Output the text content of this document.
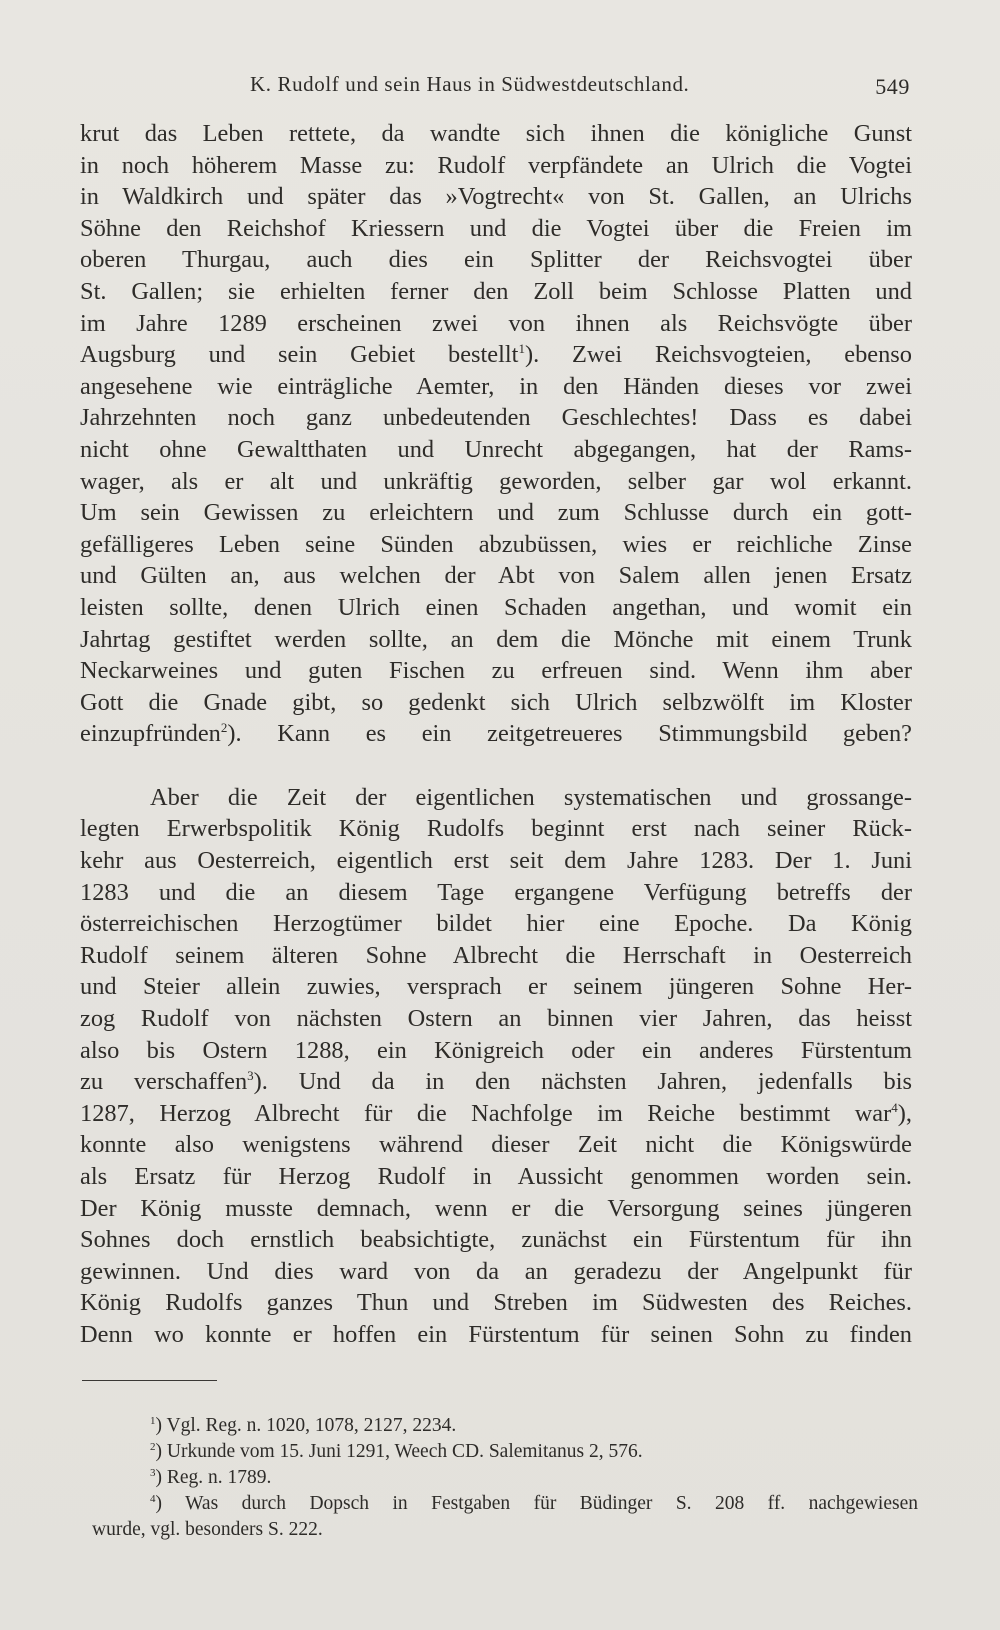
K. Rudolf und sein Haus in Südwestdeutschland.	549
krut das Leben rettete, da wandte sich ihnen die königliche Gunst
in noch höherem Masse zu: Rudolf verpfändete an Ulrich die Vogtei
in Waldkirch und später das »Vogtrecht« von St. Gallen, an Ulrichs
Söhne den Reichshof Kriessern und die Vogtei über die Freien im
oberen Thurgau, auch dies ein Splitter der Reichsvogtei über
St. Gallen; sie erhielten ferner den Zoll beim Schlosse Platten und
im Jahre 1289 erscheinen zwei von ihnen als Reichsvögte über
Augsburg und sein Gebiet bestellt$^1$). Zwei Reichsvogteien, ebenso
angesehene wie einträgliche Aemter, in den Händen dieses vor zwei
Jahrzehnten noch ganz unbedeutenden Geschlechtes! Dass es dabei
nicht ohne Gewaltthaten und Unrecht abgegangen, hat der Rams-
wager, als er alt und unkräftig geworden, selber gar wol erkannt.
Um sein Gewissen zu erleichtern und zum Schlusse durch ein gott-
gefälligeres Leben seine Sünden abzubüssen, wies er reichliche Zinse
und Gülten an, aus welchen der Abt von Salem allen jenen Ersatz
leisten sollte, denen Ulrich einen Schaden angethan, und womit ein
Jahrtag gestiftet werden sollte, an dem die Mönche mit einem Trunk
Neckarweines und guten Fischen zu erfreuen sind. Wenn ihm aber
Gott die Gnade gibt, so gedenkt sich Ulrich selbzwölft im Kloster
einzupfründen$^2$). Kann es ein zeitgetreueres Stimmungsbild geben?
Aber die Zeit der eigentlichen systematischen und grossange-
legten Erwerbspolitik König Rudolfs beginnt erst nach seiner Rück-
kehr aus Oesterreich, eigentlich erst seit dem Jahre 1283. Der 1. Juni
1283 und die an diesem Tage ergangene Verfügung betreffs der
österreichischen Herzogtümer bildet hier eine Epoche. Da König
Rudolf seinem älteren Sohne Albrecht die Herrschaft in Oesterreich
und Steier allein zuwies, versprach er seinem jüngeren Sohne Her-
zog Rudolf von nächsten Ostern an binnen vier Jahren, das heisst
also bis Ostern 1288, ein Königreich oder ein anderes Fürstentum
zu verschaffen$^3$). Und da in den nächsten Jahren, jedenfalls bis
1287, Herzog Albrecht für die Nachfolge im Reiche bestimmt war$^4$),
konnte also wenigstens während dieser Zeit nicht die Königswürde
als Ersatz für Herzog Rudolf in Aussicht genommen worden sein.
Der König musste demnach, wenn er die Versorgung seines jüngeren
Sohnes doch ernstlich beabsichtigte, zunächst ein Fürstentum für ihn
gewinnen. Und dies ward von da an geradezu der Angelpunkt für
König Rudolfs ganzes Thun und Streben im Südwesten des Reiches.
Denn wo konnte er hoffen ein Fürstentum für seinen Sohn zu finden
$^1$) Vgl. Reg. n. 1020, 1078, 2127, 2234.
$^2$) Urkunde vom 15. Juni 1291, Weech CD. Salemitanus 2, 576.
$^3$) Reg. n. 1789.
$^4$) Was durch Dopsch in Festgaben für Büdinger S. 208 ff. nachgewiesen
wurde, vgl. besonders S. 222.
